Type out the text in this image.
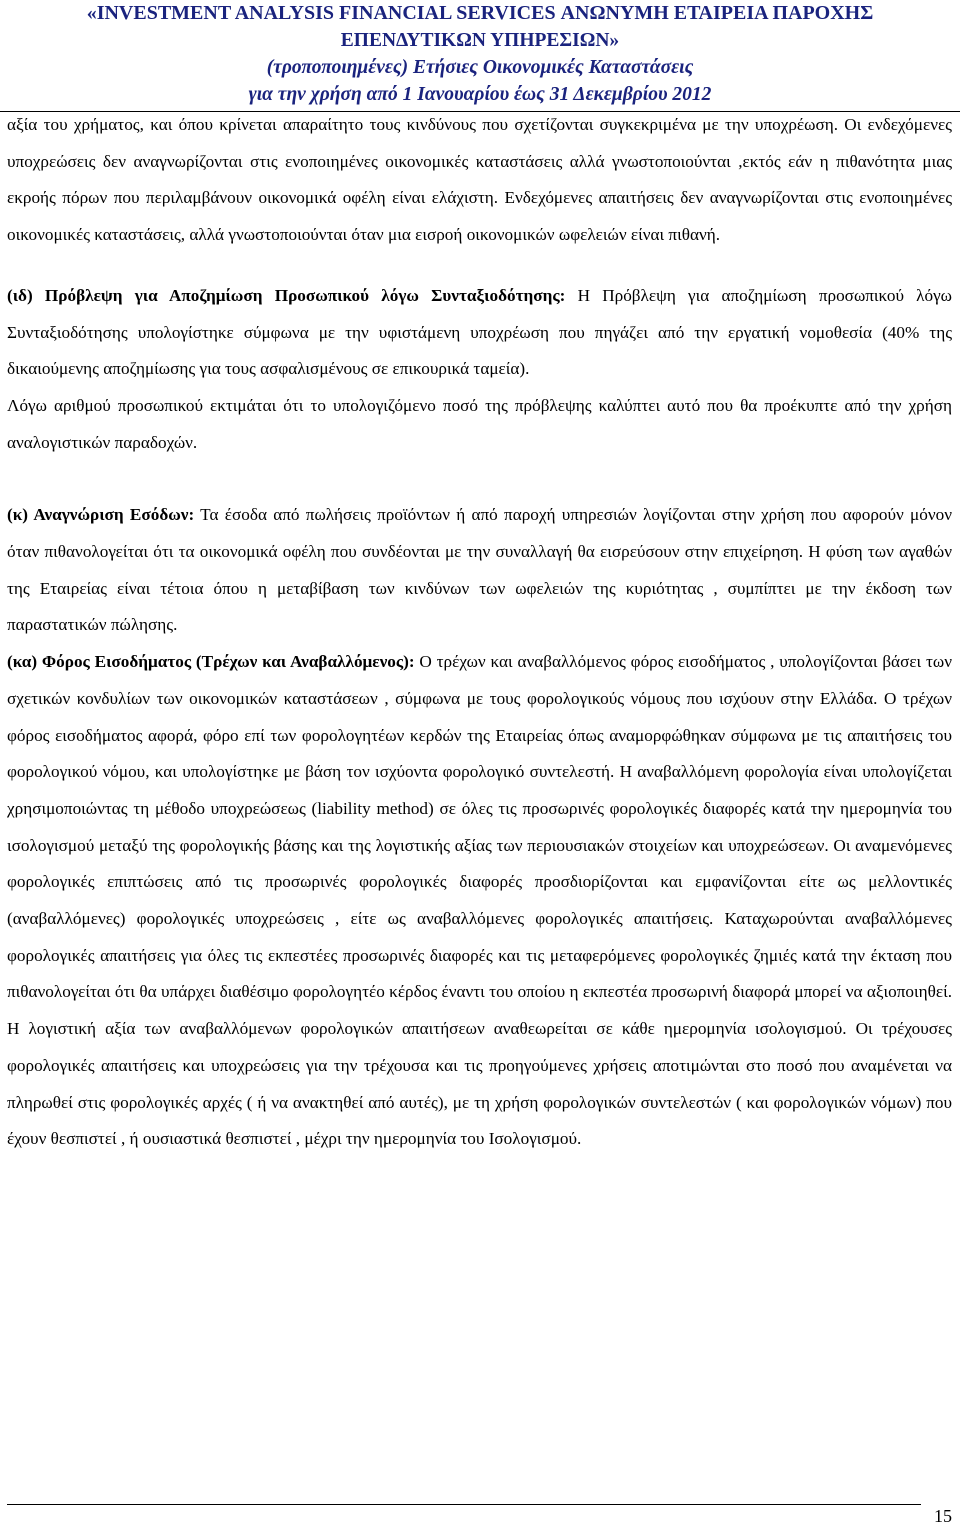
«INVESTMENT ANALYSIS FINANCIAL SERVICES ΑΝΩΝΥΜΗ ΕΤΑΙΡΕΙΑ ΠΑΡΟΧΗΣ
ΕΠΕΝΔΥΤΙΚΩΝ ΥΠΗΡΕΣΙΩΝ»
(τροποποιημένες) Ετήσιες Οικονομικές Καταστάσεις
για την χρήση από 1 Ιανουαρίου έως 31 Δεκεμβρίου 2012

αξία του χρήματος, και όπου κρίνεται απαραίτητο τους κινδύνους που σχετίζονται συγκεκριμένα με την υποχρέωση. Οι ενδεχόμενες υποχρεώσεις δεν αναγνωρίζονται στις ενοποιημένες οικονομικές καταστάσεις αλλά γνωστοποιούνται ,εκτός εάν η πιθανότητα μιας εκροής πόρων που περιλαμβάνουν οικονομικά οφέλη είναι ελάχιστη. Ενδεχόμενες απαιτήσεις δεν αναγνωρίζονται στις ενοποιημένες οικονομικές καταστάσεις, αλλά γνωστοποιούνται όταν μια εισροή οικονομικών ωφελειών είναι πιθανή.

(ιδ) Πρόβλεψη για Αποζημίωση Προσωπικού λόγω Συνταξιοδότησης: Η Πρόβλεψη για αποζημίωση προσωπικού λόγω Συνταξιοδότησης υπολογίστηκε σύμφωνα με την υφιστάμενη υποχρέωση που πηγάζει από την εργατική νομοθεσία (40% της δικαιούμενης αποζημίωσης για τους ασφαλισμένους σε επικουρικά ταμεία).

Λόγω αριθμού προσωπικού εκτιμάται ότι το υπολογιζόμενο ποσό της πρόβλεψης καλύπτει αυτό που θα προέκυπτε από την χρήση αναλογιστικών παραδοχών.

(κ) Αναγνώριση Εσόδων: Τα έσοδα από πωλήσεις προϊόντων ή από παροχή υπηρεσιών λογίζονται στην χρήση που αφορούν μόνον όταν πιθανολογείται ότι τα οικονομικά οφέλη που συνδέονται με την συναλλαγή θα εισρεύσουν στην επιχείρηση. Η φύση των αγαθών της Εταιρείας είναι τέτοια όπου η μεταβίβαση των κινδύνων των ωφελειών της κυριότητας , συμπίπτει με την έκδοση των παραστατικών πώλησης.

(κα) Φόρος Εισοδήματος (Τρέχων και Αναβαλλόμενος): Ο τρέχων και αναβαλλόμενος φόρος εισοδήματος , υπολογίζονται βάσει των σχετικών κονδυλίων των οικονομικών καταστάσεων , σύμφωνα με τους φορολογικούς νόμους που ισχύουν στην Ελλάδα. Ο τρέχων φόρος εισοδήματος αφορά, φόρο επί των φορολογητέων κερδών της Εταιρείας όπως αναμορφώθηκαν σύμφωνα με τις απαιτήσεις του φορολογικού νόμου, και υπολογίστηκε με βάση τον ισχύοντα φορολογικό συντελεστή. Η αναβαλλόμενη φορολογία είναι υπολογίζεται χρησιμοποιώντας τη μέθοδο υποχρεώσεως (liability method) σε όλες τις προσωρινές φορολογικές διαφορές κατά την ημερομηνία του ισολογισμού μεταξύ της φορολογικής βάσης και της λογιστικής αξίας των περιουσιακών στοιχείων και υποχρεώσεων. Οι αναμενόμενες φορολογικές επιπτώσεις από τις προσωρινές φορολογικές διαφορές προσδιορίζονται και εμφανίζονται είτε ως μελλοντικές (αναβαλλόμενες) φορολογικές υποχρεώσεις , είτε ως αναβαλλόμενες φορολογικές απαιτήσεις. Καταχωρούνται αναβαλλόμενες φορολογικές απαιτήσεις για όλες τις εκπεστέες προσωρινές διαφορές και τις μεταφερόμενες φορολογικές ζημιές κατά την έκταση που πιθανολογείται ότι θα υπάρχει διαθέσιμο φορολογητέο κέρδος έναντι του οποίου η εκπεστέα προσωρινή διαφορά μπορεί να αξιοποιηθεί. Η λογιστική αξία των αναβαλλόμενων φορολογικών απαιτήσεων αναθεωρείται σε κάθε ημερομηνία ισολογισμού. Οι τρέχουσες φορολογικές απαιτήσεις και υποχρεώσεις για την τρέχουσα και τις προηγούμενες χρήσεις αποτιμώνται στο ποσό που αναμένεται να πληρωθεί στις φορολογικές αρχές ( ή να ανακτηθεί από αυτές), με τη χρήση φορολογικών συντελεστών ( και φορολογικών νόμων) που έχουν θεσπιστεί , ή ουσιαστικά θεσπιστεί , μέχρι την ημερομηνία του Ισολογισμού.

15
